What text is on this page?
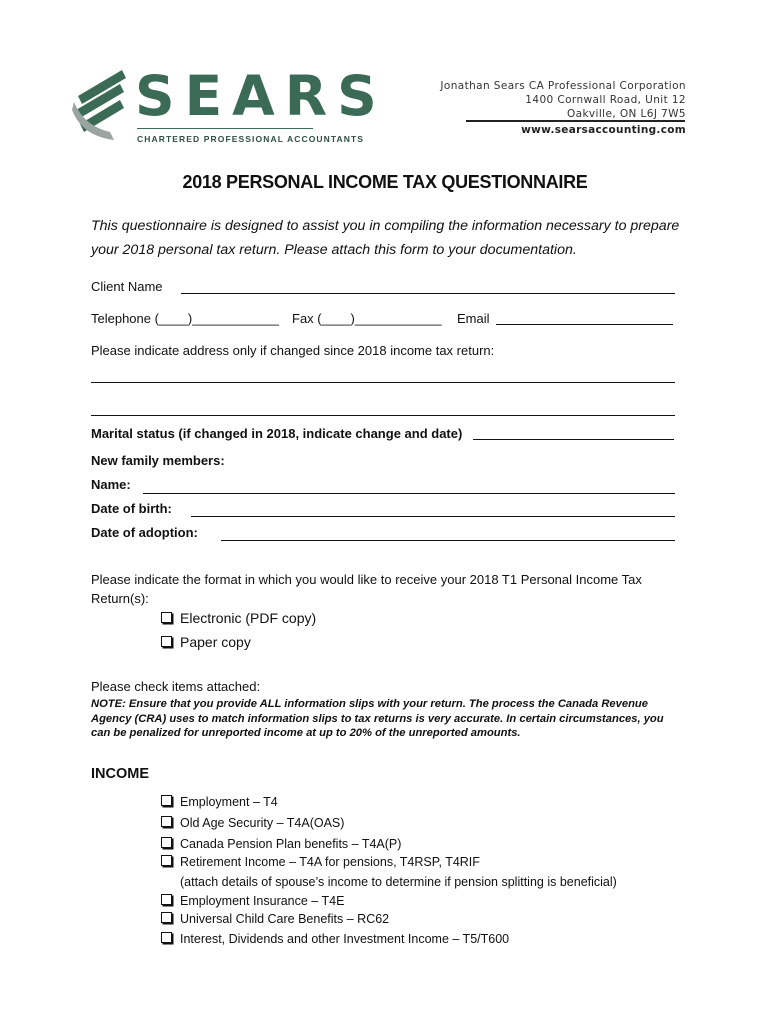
SEARS
CHARTERED PROFESSIONAL ACCOUNTANTS
Jonathan Sears CA Professional Corporation
1400 Cornwall Road, Unit 12
Oakville, ON L6J 7W5
www.searsaccounting.com
2018 PERSONAL INCOME TAX QUESTIONNAIRE
This questionnaire is designed to assist you in compiling the information necessary to prepare your 2018 personal tax return. Please attach this form to your documentation.
Client Name
Telephone (____)____________ Fax (____)____________ Email
Please indicate address only if changed since 2018 income tax return:
Marital status (if changed in 2018, indicate change and date)
New family members:
Name:
Date of birth:
Date of adoption:
Please indicate the format in which you would like to receive your 2018 T1 Personal Income Tax Return(s):
Electronic (PDF copy)
Paper copy
Please check items attached:
NOTE: Ensure that you provide ALL information slips with your return. The process the Canada Revenue Agency (CRA) uses to match information slips to tax returns is very accurate. In certain circumstances, you can be penalized for unreported income at up to 20% of the unreported amounts.
INCOME
Employment – T4
Old Age Security – T4A(OAS)
Canada Pension Plan benefits – T4A(P)
Retirement Income – T4A for pensions, T4RSP, T4RIF
(attach details of spouse’s income to determine if pension splitting is beneficial)
Employment Insurance – T4E
Universal Child Care Benefits – RC62
Interest, Dividends and other Investment Income – T5/T600
